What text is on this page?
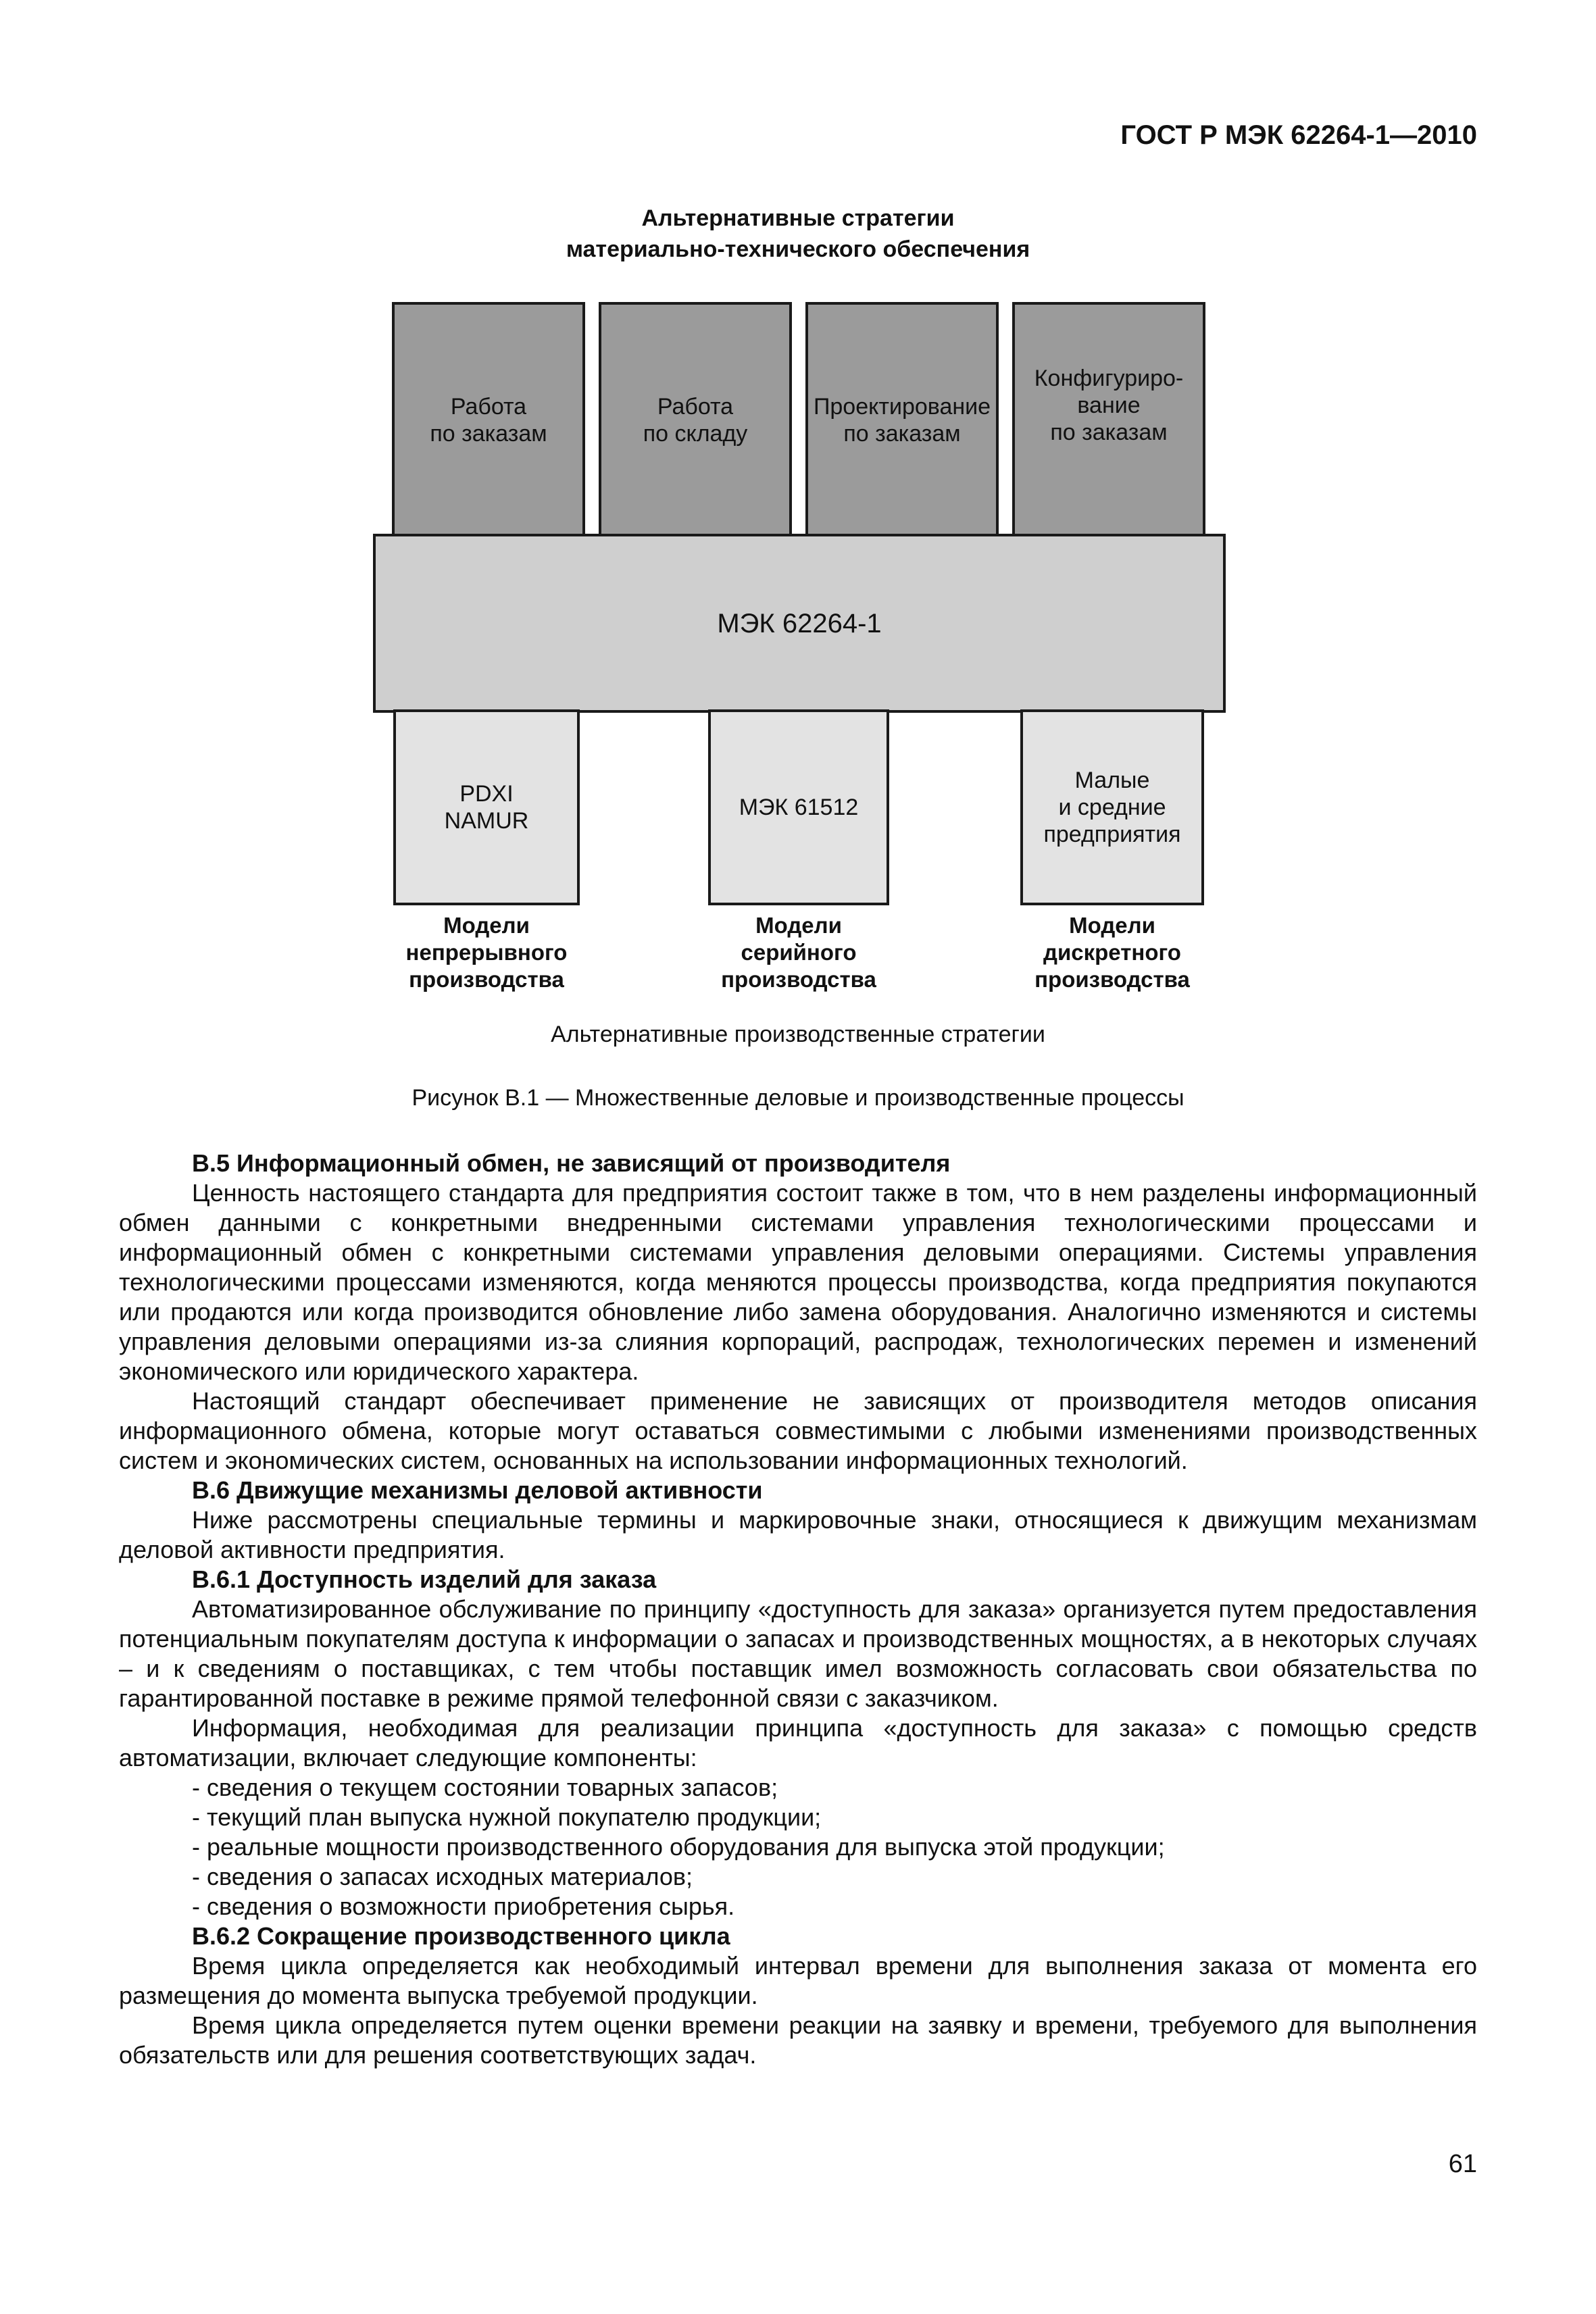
ГОСТ Р МЭК 62264-1—2010
Альтернативные стратегии
материально-технического обеспечения
Работа
по заказам
Работа
по складу
Проектирование
по заказам
Конфигуриро-
вание
по заказам
МЭК 62264-1
PDXI
NAMUR
МЭК 61512
Малые
и средние
предприятия
Модели
непрерывного
производства
Модели
серийного
производства
Модели
дискретного
производства
Альтернативные производственные стратегии
Рисунок В.1 — Множественные деловые и производственные процессы
В.5 Информационный обмен, не зависящий от производителя

Ценность настоящего стандарта для предприятия состоит также в том, что в нем разделены информационный обмен данными с конкретными внедренными системами управления технологическими процессами и информационный обмен с конкретными системами управления деловыми операциями. Системы управления технологическими процессами изменяются, когда меняются процессы производства, когда предприятия покупаются или продаются или когда производится обновление либо замена оборудования. Аналогично изменяются и системы управления деловыми операциями из-за слияния корпораций, распродаж, технологических перемен и изменений экономического или юридического характера.

Настоящий стандарт обеспечивает применение не зависящих от производителя методов описания информационного обмена, которые могут оставаться совместимыми с любыми изменениями производственных систем и экономических систем, основанных на использовании информационных технологий.

В.6 Движущие механизмы деловой активности

Ниже рассмотрены специальные термины и маркировочные знаки, относящиеся к движущим механизмам деловой активности предприятия.

В.6.1 Доступность изделий для заказа

Автоматизированное обслуживание по принципу «доступность для заказа» организуется путем предоставления потенциальным покупателям доступа к информации о запасах и производственных мощностях, а в некоторых случаях – и к сведениям о поставщиках, с тем чтобы поставщик имел возможность согласовать свои обязательства по гарантированной поставке в режиме прямой телефонной связи с заказчиком.

Информация, необходимая для реализации принципа «доступность для заказа» с помощью средств автоматизации, включает следующие компоненты:

- сведения о текущем состоянии товарных запасов;
- текущий план выпуска нужной покупателю продукции;
- реальные мощности производственного оборудования для выпуска этой продукции;
- сведения о запасах исходных материалов;
- сведения о возможности приобретения сырья.
В.6.2 Сокращение производственного цикла

Время цикла определяется как необходимый интервал времени для выполнения заказа от момента его размещения до момента выпуска требуемой продукции.

Время цикла определяется путем оценки времени реакции на заявку и времени, требуемого для выполнения обязательств или для решения соответствующих задач.

61
